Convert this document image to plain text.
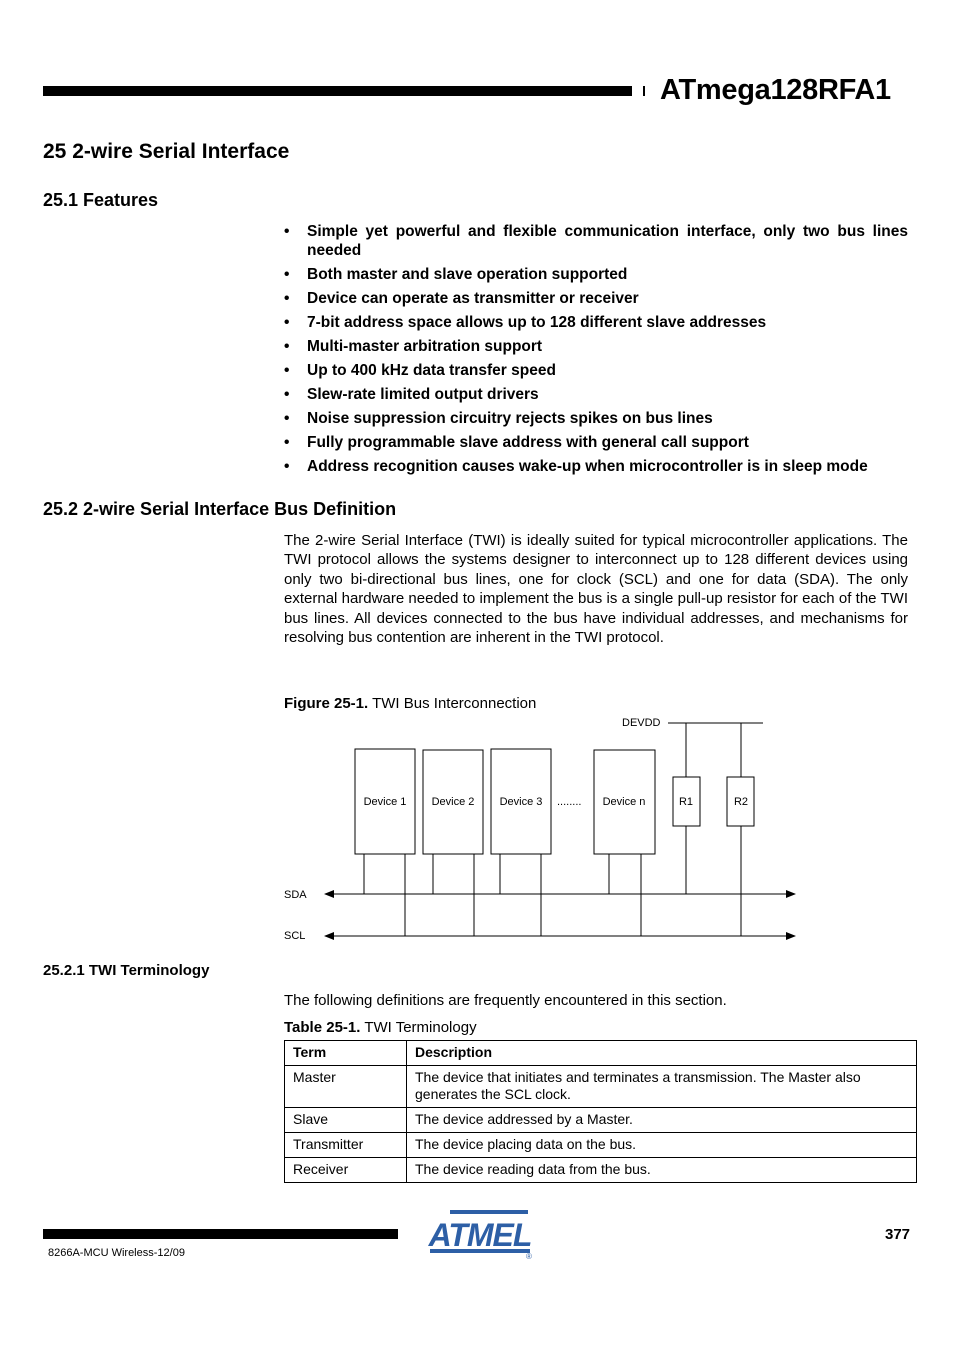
ATmega128RFA1
25 2-wire Serial Interface
25.1 Features
• Simple yet powerful and flexible communication interface, only two bus lines needed
• Both master and slave operation supported
• Device can operate as transmitter or receiver
• 7-bit address space allows up to 128 different slave addresses
• Multi-master arbitration support
• Up to 400 kHz data transfer speed
• Slew-rate limited output drivers
• Noise suppression circuitry rejects spikes on bus lines
• Fully programmable slave address with general call support
• Address recognition causes wake-up when microcontroller is in sleep mode
25.2 2-wire Serial Interface Bus Definition
The 2-wire Serial Interface (TWI) is ideally suited for typical microcontroller applications. The TWI protocol allows the systems designer to interconnect up to 128 different devices using only two bi-directional bus lines, one for clock (SCL) and one for data (SDA). The only external hardware needed to implement the bus is a single pull-up resistor for each of the TWI bus lines. All devices connected to the bus have individual addresses, and mechanisms for resolving bus contention are inherent in the TWI protocol.
Figure 25-1. TWI Bus Interconnection
DEVDD
Device 1 Device 2 Device 3 ........ Device n	R1	R2
SDA
SCL
25.2.1 TWI Terminology
The following definitions are frequently encountered in this section.
Table 25-1. TWI Terminology
Term	Description
Master	The device that initiates and terminates a transmission. The Master also generates the SCL clock.
Slave	The device addressed by a Master.
Transmitter	The device placing data on the bus.
Receiver	The device reading data from the bus.
8266A-MCU Wireless-12/09
377
ATMEL
®
